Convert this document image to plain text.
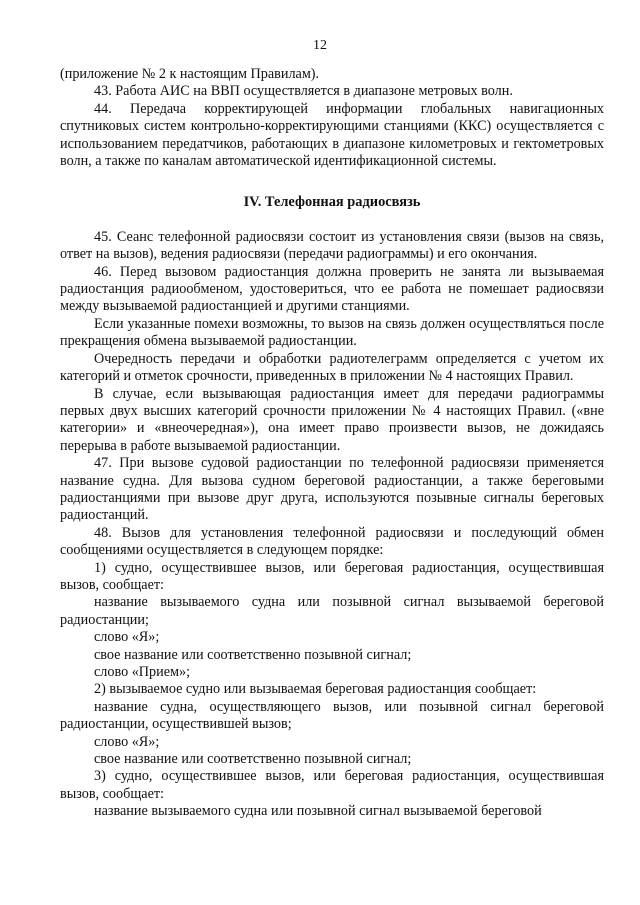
12

(приложение № 2 к настоящим Правилам).

43. Работа АИС на ВВП осуществляется в диапазоне метровых волн.

44. Передача корректирующей информации глобальных навигационных спутниковых систем контрольно-корректирующими станциями (ККС) осуществляется с использованием передатчиков, работающих в диапазоне километровых и гектометровых волн, а также по каналам автоматической идентификационной системы.

IV. Телефонная радиосвязь

45. Сеанс телефонной радиосвязи состоит из установления связи (вызов на связь, ответ на вызов), ведения радиосвязи (передачи радиограммы) и его окончания.

46. Перед вызовом радиостанция должна проверить не занята ли вызываемая радиостанция радиообменом, удостовериться, что ее работа не помешает радиосвязи между вызываемой радиостанцией и другими станциями.

Если указанные помехи возможны, то вызов на связь должен осуществляться после прекращения обмена вызываемой радиостанции.

Очередность передачи и обработки радиотелеграмм определяется с учетом их категорий и отметок срочности, приведенных в приложении № 4 настоящих Правил.

В случае, если вызывающая радиостанция имеет для передачи радиограммы первых двух высших категорий срочности приложении № 4 настоящих Правил. («вне категории» и «внеочередная»), она имеет право произвести вызов, не дожидаясь перерыва в работе вызываемой радиостанции.

47. При вызове судовой радиостанции по телефонной радиосвязи применяется название судна. Для вызова судном береговой радиостанции, а также береговыми радиостанциями при вызове друг друга, используются позывные сигналы береговых радиостанций.

48. Вызов для установления телефонной радиосвязи и последующий обмен сообщениями осуществляется в следующем порядке:

1) судно, осуществившее вызов, или береговая радиостанция, осуществившая вызов, сообщает:

название вызываемого судна или позывной сигнал вызываемой береговой радиостанции;

слово «Я»;

свое название или соответственно позывной сигнал;

слово «Прием»;

2) вызываемое судно или вызываемая береговая радиостанция сообщает:

название судна, осуществляющего вызов, или позывной сигнал береговой радиостанции, осуществившей вызов;

слово «Я»;

свое название или соответственно позывной сигнал;

3) судно, осуществившее вызов, или береговая радиостанция, осуществившая вызов, сообщает:

название вызываемого судна или позывной сигнал вызываемой береговой
